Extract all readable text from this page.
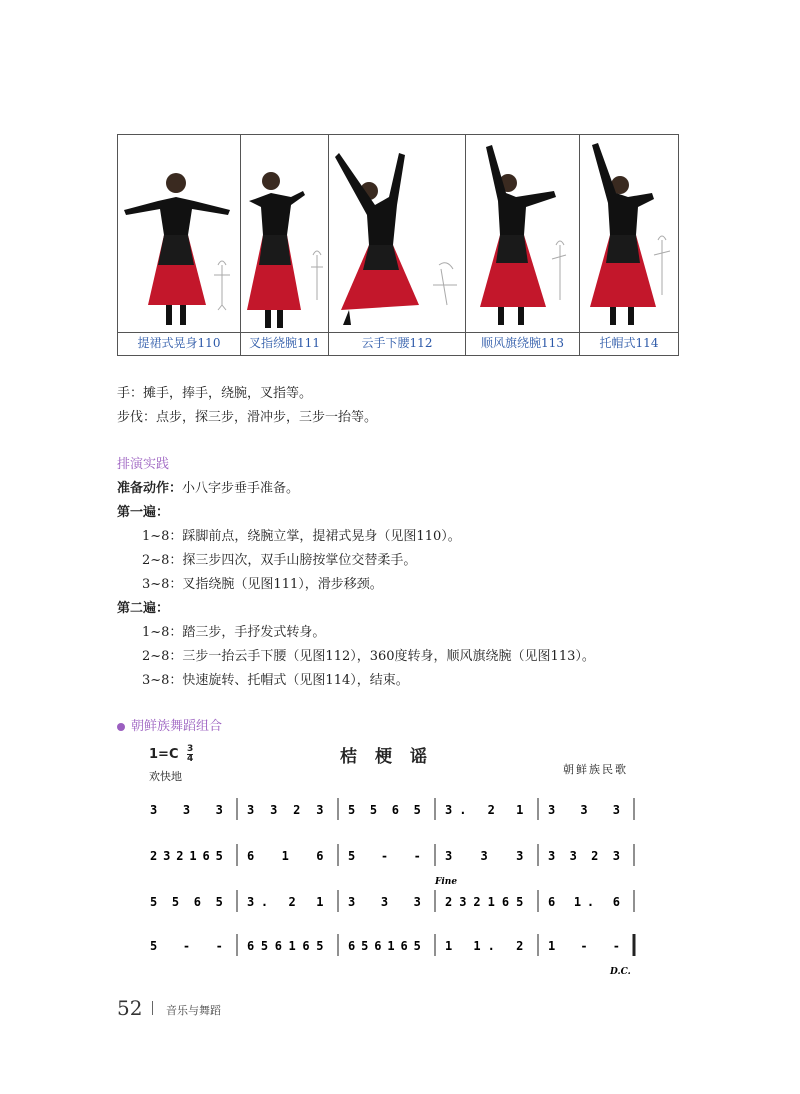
提裙式晃身110	叉指绕腕111	云手下腰112	顺风旗绕腕113	托帽式114
手：摊手，捧手，绕腕，叉指等。
步伐：点步，探三步，滑冲步，三步一抬等。
排演实践
准备动作：小八字步垂手准备。
第一遍：
1~8：踩脚前点，绕腕立掌，提裙式晃身（见图110）。
2~8：探三步四次，双手山膀按掌位交替柔手。
3~8：叉指绕腕（见图111），滑步移颈。
第二遍：
1~8：踏三步，手抒发式转身。
2~8：三步一抬云手下腰（见图112），360度转身，顺风旗绕腕（见图113）。
3~8：快速旋转、托帽式（见图114），结束。
朝鲜族舞蹈组合
$1=C \frac{3}{4}$
欢快地
桔梗谣
朝鲜族民歌
3 3 3 3 3 2 3 5 5 6 5 3. 2 1 3 3 3
2 3 2 1 6 5 6 1 6 5 - - 3 3 3 3 3 2 3
5 5 6 5 3. 2 1 3 3 3 2 3 2 1 6 5 6 1. 6
5 - - 6 5 6 1 6 5 6 5 6 1 6 5 1 1. 2 1 - -
Fine
D.C.
52 音乐与舞蹈
